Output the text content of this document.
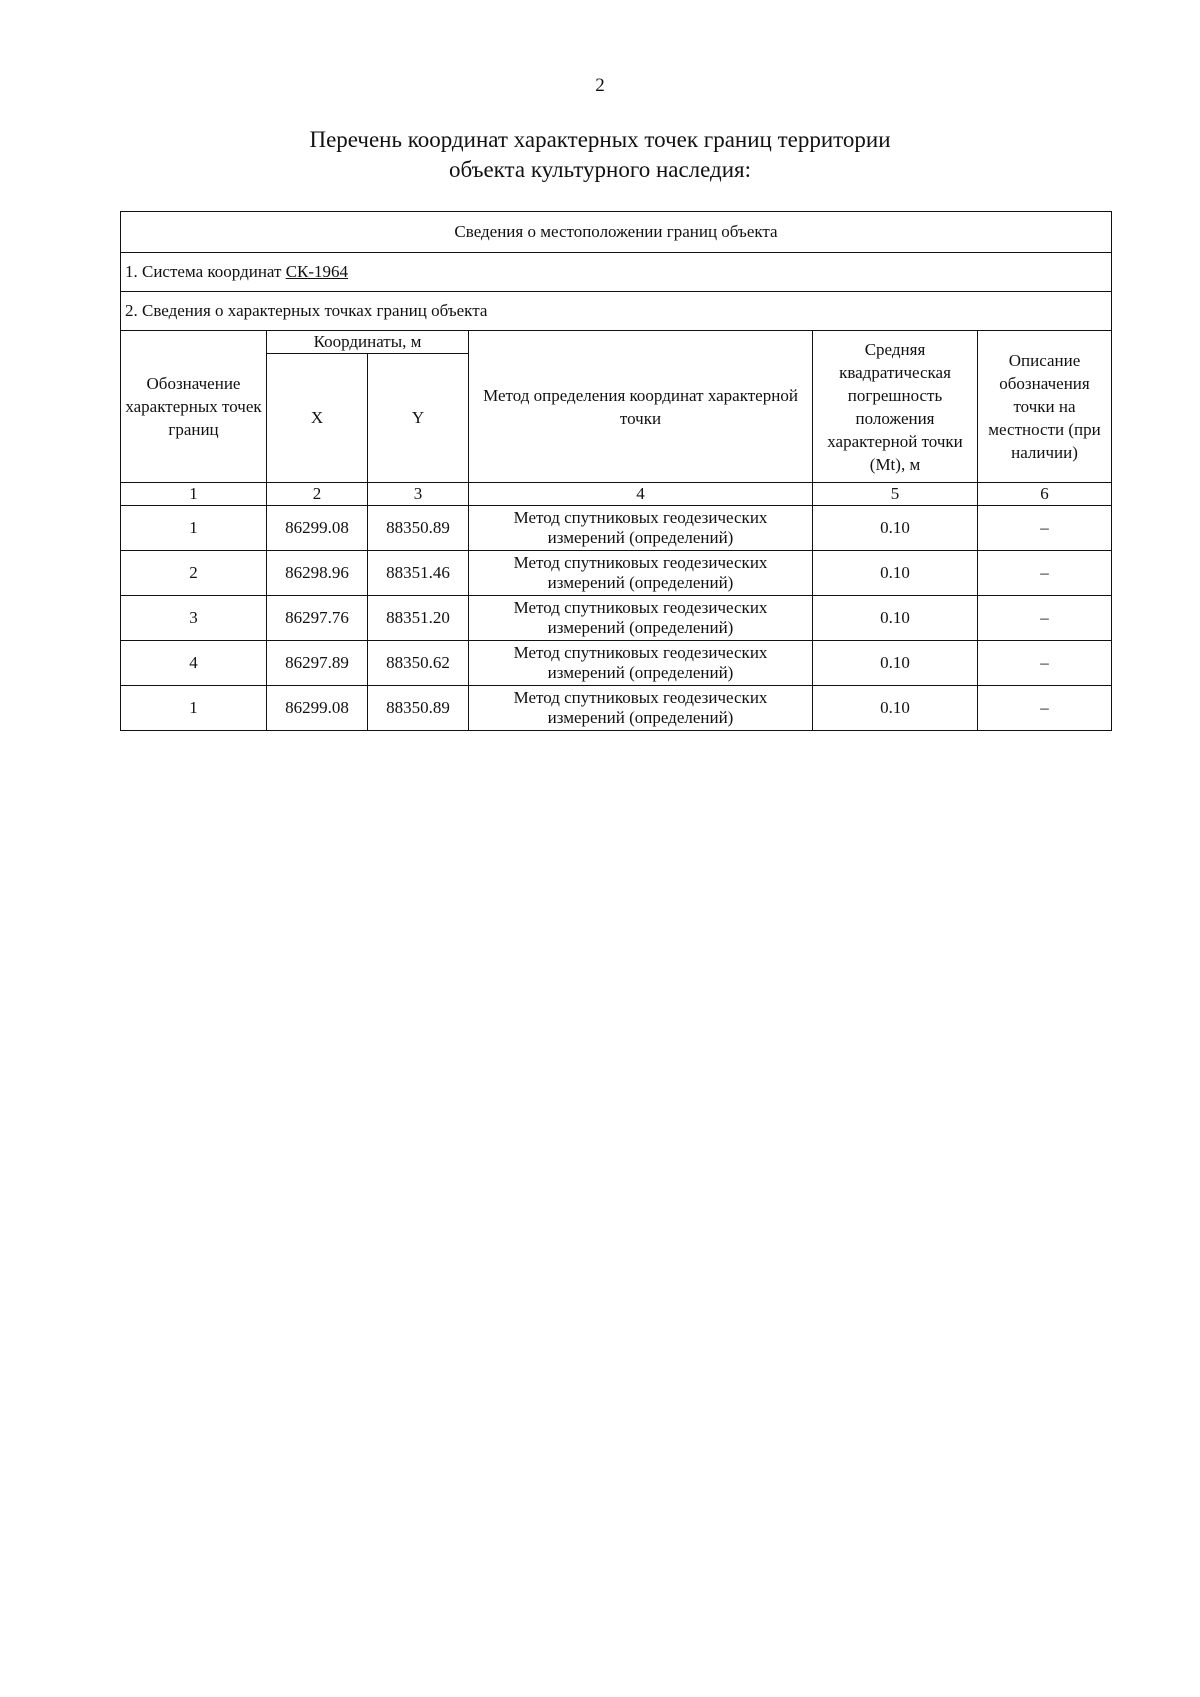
2
Перечень координат характерных точек границ территории
объекта культурного наследия:
Сведения о местоположении границ объекта					
1. Система координат СК-1964					
2. Сведения о характерных точках границ объекта					
Обозначение характерных точек границ	Координаты, м		Метод определения координат характерной точки	Средняя квадратическая погрешность положения характерной точки (Mt), м	Описание обозначения точки на местности (при наличии)
	X	Y			
1	2	3	4	5	6
1	86299.08	88350.89	Метод спутниковых геодезических измерений (определений)	0.10	–
2	86298.96	88351.46	Метод спутниковых геодезических измерений (определений)	0.10	–
3	86297.76	88351.20	Метод спутниковых геодезических измерений (определений)	0.10	–
4	86297.89	88350.62	Метод спутниковых геодезических измерений (определений)	0.10	–
1	86299.08	88350.89	Метод спутниковых геодезических измерений (определений)	0.10	–
